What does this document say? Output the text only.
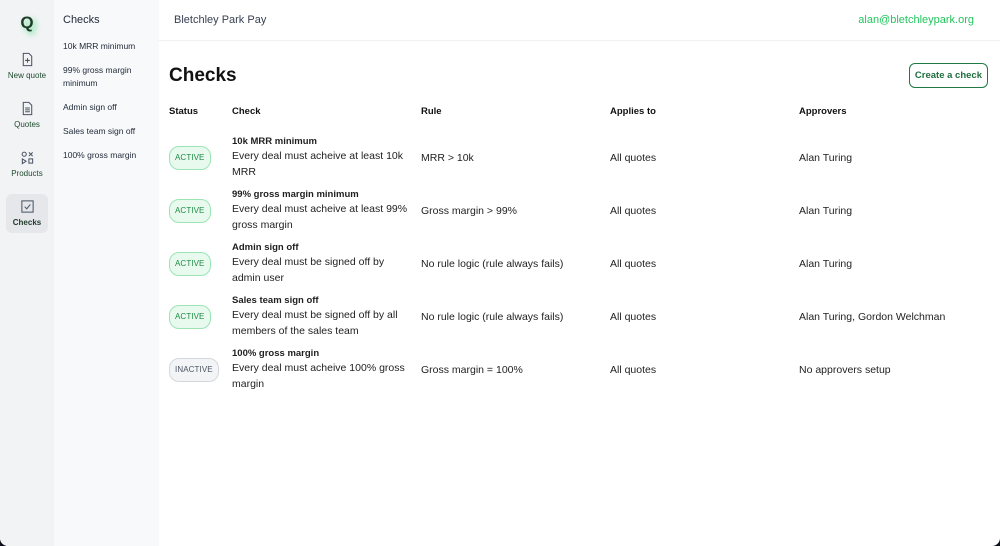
Q
New quote
Quotes
Products
Checks
Checks
10k MRR minimum
99% gross margin minimum
Admin sign off
Sales team sign off
100% gross margin
Bletchley Park Pay	alan@bletchleypark.org
Checks	Create a check
Status	Check	Rule	Applies to	Approvers
ACTIVE	10k MRR minimum
Every deal must acheive at least 10k MRR	MRR > 10k	All quotes	Alan Turing
ACTIVE	99% gross margin minimum
Every deal must acheive at least 99% gross margin	Gross margin > 99%	All quotes	Alan Turing
ACTIVE	Admin sign off
Every deal must be signed off by admin user	No rule logic (rule always fails)	All quotes	Alan Turing
ACTIVE	Sales team sign off
Every deal must be signed off by all members of the sales team	No rule logic (rule always fails)	All quotes	Alan Turing, Gordon Welchman
INACTIVE	100% gross margin
Every deal must acheive 100% gross margin	Gross margin = 100%	All quotes	No approvers setup
